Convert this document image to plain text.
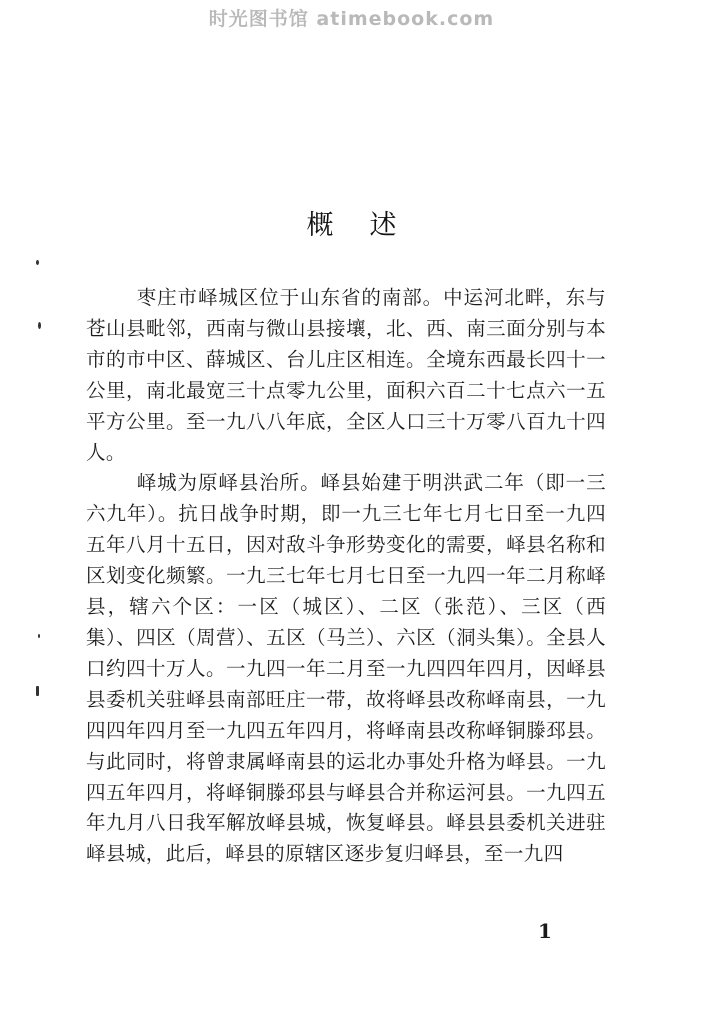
时光图书馆 atimebook.com
概述

枣庄市峄城区位于山东省的南部。中运河北畔，东与苍山县毗邻，西南与微山县接壤，北、西、南三面分别与本市的市中区、薛城区、台儿庄区相连。全境东西最长四十一公里，南北最宽三十点零九公里，面积六百二十七点六一五平方公里。至一九八八年底，全区人口三十万零八百九十四人。

峄城为原峄县治所。峄县始建于明洪武二年（即一三六九年）。抗日战争时期，即一九三七年七月七日至一九四五年八月十五日，因对敌斗争形势变化的需要，峄县名称和区划变化频繁。一九三七年七月七日至一九四一年二月称峄县，辖六个区：一区（城区）、二区（张范）、三区（西集）、四区（周营）、五区（马兰）、六区（洞头集）。全县人口约四十万人。一九四一年二月至一九四四年四月，因峄县县委机关驻峄县南部旺庄一带，故将峄县改称峄南县，一九四四年四月至一九四五年四月，将峄南县改称峄铜滕邳县。与此同时，将曾隶属峄南县的运北办事处升格为峄县。一九四五年四月，将峄铜滕邳县与峄县合并称运河县。一九四五年九月八日我军解放峄县城，恢复峄县。峄县县委机关进驻峄县城，此后，峄县的原辖区逐步复归峄县，至一九四

1
